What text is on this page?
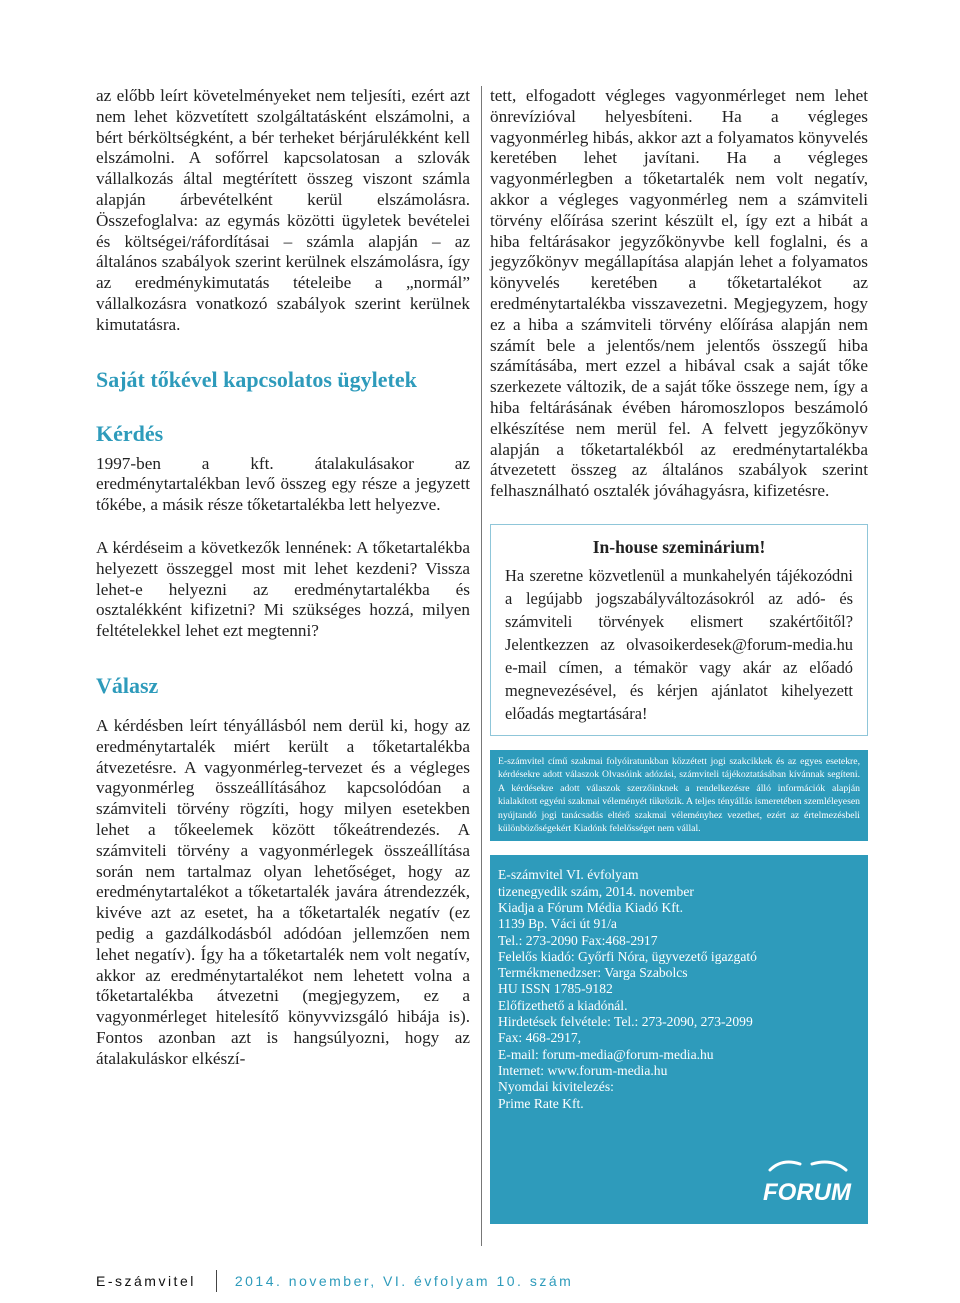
az előbb leírt követelményeket nem teljesíti, ezért azt nem lehet közvetített szolgáltatásként elszámolni, a bért bérköltségként, a bér terheket bérjárulékként kell elszámolni. A sofőrrel kapcsolatosan a szlovák vállalkozás által megtérített összeg viszont számla alapján árbevételként kerül elszámolásra. Összefoglalva: az egymás közötti ügyletek bevételei és költségei/ráfordításai – számla alapján – az általános szabályok szerint kerülnek elszámolásra, így az eredménykimutatás tételeibe a „normál” vállalkozásra vonatkozó szabályok szerint kerülnek kimutatásra.

Saját tőkével kapcsolatos ügyletek
Kérdés

1997-ben a kft. átalakulásakor az eredménytartalékban levő összeg egy része a jegyzett tőkébe, a másik része tőketartalékba lett helyezve.

A kérdéseim a következők lennének: A tőketartalékba helyezett összeggel most mit lehet kezdeni? Vissza lehet-e helyezni az eredménytartalékba és osztalékként kifizetni? Mi szükséges hozzá, milyen feltételekkel lehet ezt megtenni?

Válasz

A kérdésben leírt tényállásból nem derül ki, hogy az eredménytartalék miért került a tőketartalékba átvezetésre. A vagyonmérleg-tervezet és a végleges vagyonmérleg összeállításához kapcsolódóan a számviteli törvény rögzíti, hogy milyen esetekben lehet a tőkeelemek között tőkeátrendezés. A számviteli törvény a vagyonmérlegek összeállítása során nem tartalmaz olyan lehetőséget, hogy az eredménytartalékot a tőketartalék javára átrendezzék, kivéve azt az esetet, ha a tőketartalék negatív (ez pedig a gazdálkodásból adódóan jellemzően nem lehet negatív). Így ha a tőketartalék nem volt negatív, akkor az eredménytartalékot nem lehetett volna a tőketartalékba átvezetni (megjegyzem, ez a vagyonmérleget hitelesítő könyvvizsgáló hibája is). Fontos azonban azt is hangsúlyozni, hogy az átalakuláskor elkészí-

tett, elfogadott végleges vagyonmérleget nem lehet önrevízióval helyesbíteni. Ha a végleges vagyonmérleg hibás, akkor azt a folyamatos könyvelés keretében lehet javítani. Ha a végleges vagyonmérlegben a tőketartalék nem volt negatív, akkor a végleges vagyonmérleg nem a számviteli törvény előírása szerint készült el, így ezt a hibát a hiba feltárásakor jegyzőkönyvbe kell foglalni, és a jegyzőkönyv megállapítása alapján lehet a folyamatos könyvelés keretében a tőketartalékot az eredménytartalékba visszavezetni. Megjegyzem, hogy ez a hiba a számviteli törvény előírása alapján nem számít bele a jelentős/nem jelentős összegű hiba számításába, mert ezzel a hibával csak a saját tőke szerkezete változik, de a saját tőke összege nem, így a hiba feltárásának évében háromoszlopos beszámoló elkészítése nem merül fel. A felvett jegyzőkönyv alapján a tőketartalékból az eredménytartalékba átvezetett összeg az általános szabályok szerint felhasználható osztalék jóváhagyásra, kifizetésre.

In-house szeminárium!

Ha szeretne közvetlenül a munkahelyén tájékozódni a legújabb jogszabályváltozásokról az adó- és számviteli törvények elismert szakértőitől? Jelentkezzen az olvasoikerdesek@forum-media.hu e-mail címen, a témakör vagy akár az előadó megnevezésével, és kérjen ajánlatot kihelyezett előadás megtartására!

E-számvitel című szakmai folyóiratunkban közzétett jogi szakcikkek és az egyes esetekre, kérdésekre adott válaszok Olvasóink adózási, számviteli tájékoztatásában kívánnak segíteni. A kérdésekre adott válaszok szerzőinknek a rendelkezésre álló információk alapján kialakított egyéni szakmai véleményét tükrözik. A teljes tényállás ismeretében szemléleyesen nyújtandó jogi tanácsadás eltérő szakmai véleményhez vezethet, ezért az értelmezésbeli különbözőségekért Kiadónk felelősséget nem vállal.
E-számvitel VI. évfolyam
tizenegyedik szám, 2014. november
Kiadja a Fórum Média Kiadó Kft.
1139 Bp. Váci út 91/a
Tel.: 273-2090 Fax:468-2917
Felelős kiadó: Győrfi Nóra, ügyvezető igazgató
Termékmenedzser: Varga Szabolcs
HU ISSN 1785-9182
Előfizethető a kiadónál.
Hirdetések felvétele: Tel.: 273-2090, 273-2099
Fax: 468-2917,
E-mail: forum-media@forum-media.hu
Internet: www.forum-media.hu
Nyomdai kivitelezés:
Prime Rate Kft.
FORUM
E-számvitel	2014. november, VI. évfolyam 10. szám
